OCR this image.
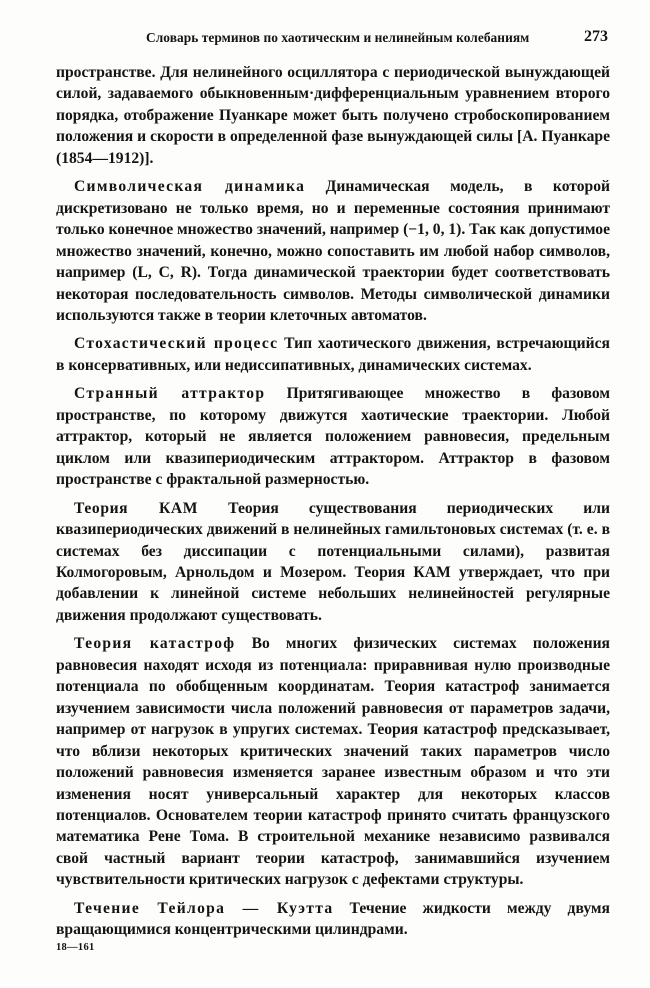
Словарь терминов по хаотическим и нелинейным колебаниям	273

пространстве. Для нелинейного осциллятора с периодической вынуждающей силой, задаваемого обыкновенным·дифференциальным уравнением второго порядка, отображение Пуанкаре может быть получено стробоскопированием положения и скорости в определенной фазе вынуждающей силы [А. Пуанкаре (1854—1912)].

Символическая динамика Динамическая модель, в которой дискретизовано не только время, но и переменные состояния принимают только конечное множество значений, например (−1, 0, 1). Так как допустимое множество значений, конечно, можно сопоставить им любой набор символов, например (L, C, R). Тогда динамической траектории будет соответствовать некоторая последовательность символов. Методы символической динамики используются также в теории клеточных автоматов.

Стохастический процесс Тип хаотического движения, встречающийся в консервативных, или недиссипативных, динамических системах.

Странный аттрактор Притягивающее множество в фазовом пространстве, по которому движутся хаотические траектории. Любой аттрактор, который не является положением равновесия, предельным циклом или квазипериодическим аттрактором. Аттрактор в фазовом пространстве с фрактальной размерностью.

Теория КАМ Теория существования периодических или квазипериодических движений в нелинейных гамильтоновых системах (т. е. в системах без диссипации с потенциальными силами), развитая Колмогоровым, Арнольдом и Мозером. Теория КАМ утверждает, что при добавлении к линейной системе небольших нелинейностей регулярные движения продолжают существовать.

Теория катастроф Во многих физических системах положения равновесия находят исходя из потенциала: приравнивая нулю производные потенциала по обобщенным координатам. Теория катастроф занимается изучением зависимости числа положений равновесия от параметров задачи, например от нагрузок в упругих системах. Теория катастроф предсказывает, что вблизи некоторых критических значений таких параметров число положений равновесия изменяется заранее известным образом и что эти изменения носят универсальный характер для некоторых классов потенциалов. Основателем теории катастроф принято считать французского математика Рене Тома. В строительной механике независимо развивался свой частный вариант теории катастроф, занимавшийся изучением чувствительности критических нагрузок с дефектами структуры.

Течение Тейлора — Куэтта Течение жидкости между двумя вращающимися концентрическими цилиндрами.

18—161
